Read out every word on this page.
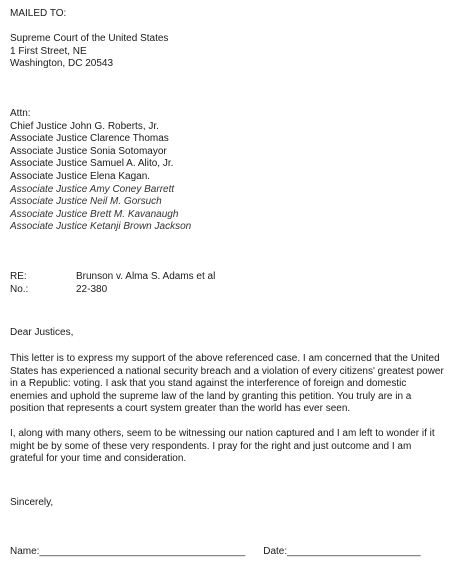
MAILED TO:
Supreme Court of the United States
1 First Street, NE
Washington, DC 20543
Attn:
Chief Justice John G. Roberts, Jr.
Associate Justice Clarence Thomas
Associate Justice Sonia Sotomayor
Associate Justice Samuel A. Alito, Jr.
Associate Justice Elena Kagan.
Associate Justice Amy Coney Barrett
Associate Justice Neil M. Gorsuch
Associate Justice Brett M. Kavanaugh
Associate Justice Ketanji Brown Jackson
RE:	Brunson v. Alma S. Adams et al
No.:	22-380
Dear Justices,

This letter is to express my support of the above referenced case. I am concerned that the United States has experienced a national security breach and a violation of every citizens' greatest power in a Republic: voting. I ask that you stand against the interference of foreign and domestic enemies and uphold the supreme law of the land by granting this petition. You truly are in a position that represents a court system greater than the world has ever seen.

I, along with many others, seem to be witnessing our nation captured and I am left to wonder if it might be by some of these very respondents. I pray for the right and just outcome and I am grateful for your time and consideration.

Sincerely,
Name:_____________________________________ Date:________________________
